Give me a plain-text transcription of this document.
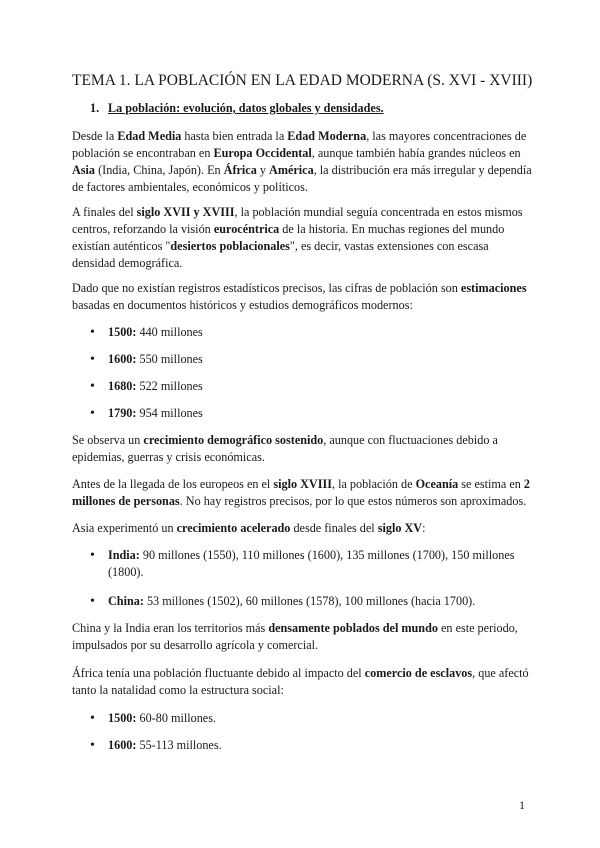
TEMA 1. LA POBLACIÓN EN LA EDAD MODERNA (S. XVI - XVIII)
1. La población: evolución, datos globales y densidades.

Desde la Edad Media hasta bien entrada la Edad Moderna, las mayores concentraciones de población se encontraban en Europa Occidental, aunque también había grandes núcleos en Asia (India, China, Japón). En África y América, la distribución era más irregular y dependía de factores ambientales, económicos y políticos.

A finales del siglo XVII y XVIII, la población mundial seguía concentrada en estos mismos centros, reforzando la visión eurocéntrica de la historia. En muchas regiones del mundo existían auténticos "desiertos poblacionales", es decir, vastas extensiones con escasa densidad demográfica.

Dado que no existían registros estadísticos precisos, las cifras de población son estimaciones basadas en documentos históricos y estudios demográficos modernos:

• 1500: 440 millones
• 1600: 550 millones
• 1680: 522 millones
• 1790: 954 millones

Se observa un crecimiento demográfico sostenido, aunque con fluctuaciones debido a epidemias, guerras y crisis económicas.

Antes de la llegada de los europeos en el siglo XVIII, la población de Oceanía se estima en 2 millones de personas. No hay registros precisos, por lo que estos números son aproximados.

Asia experimentó un crecimiento acelerado desde finales del siglo XV:

• India: 90 millones (1550), 110 millones (1600), 135 millones (1700), 150 millones (1800).
• China: 53 millones (1502), 60 millones (1578), 100 millones (hacia 1700).

China y la India eran los territorios más densamente poblados del mundo en este periodo, impulsados por su desarrollo agrícola y comercial.

África tenía una población fluctuante debido al impacto del comercio de esclavos, que afectó tanto la natalidad como la estructura social:

• 1500: 60-80 millones.
• 1600: 55-113 millones.
1
